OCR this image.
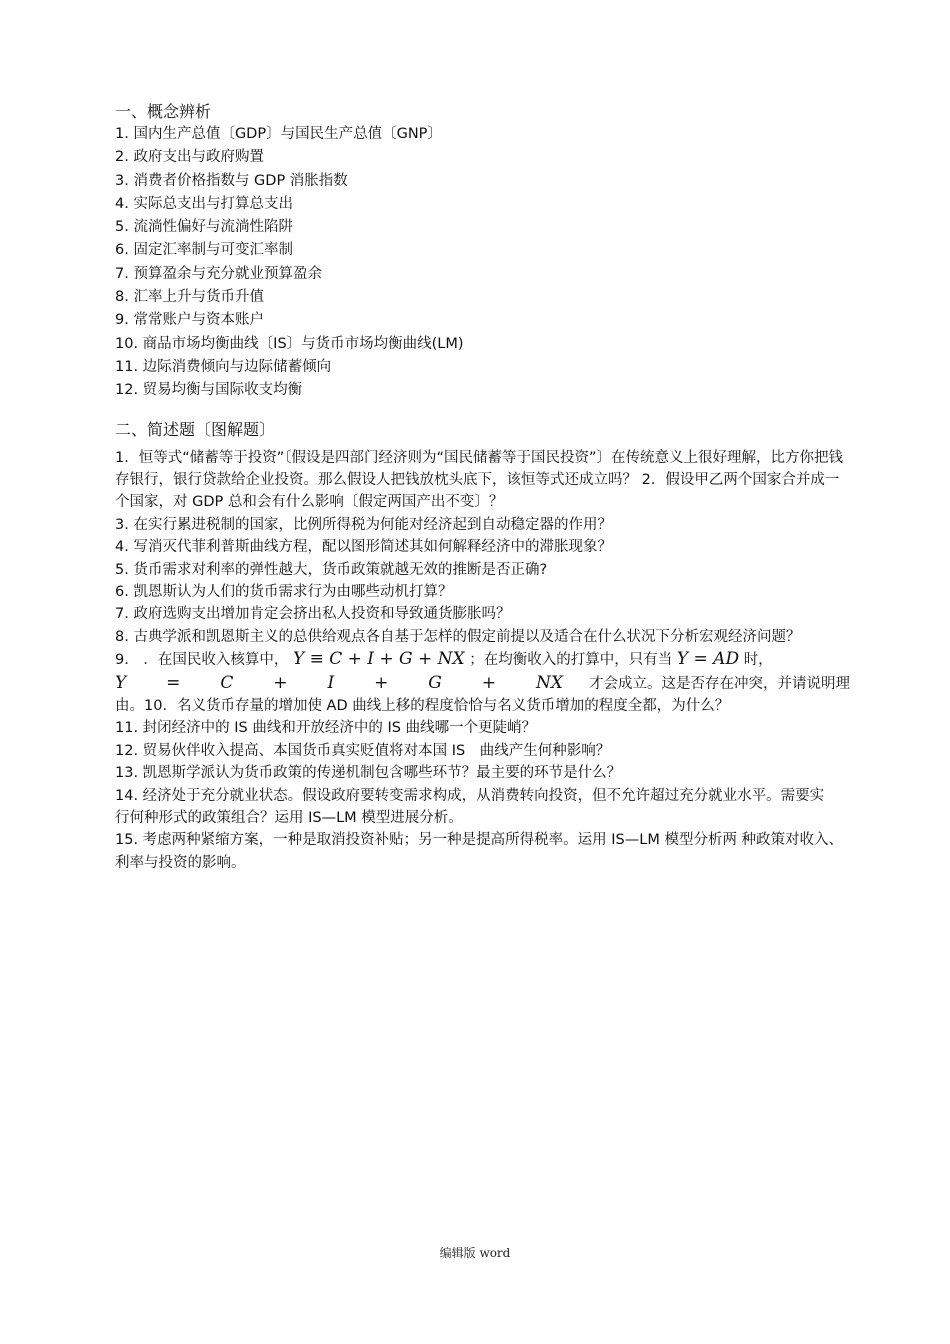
一、概念辨析
1. 国内生产总值〔GDP〕与国民生产总值〔GNP〕
2. 政府支出与政府购置
3. 消费者价格指数与 GDP 消胀指数
4. 实际总支出与打算总支出
5. 流淌性偏好与流淌性陷阱
6. 固定汇率制与可变汇率制
7. 预算盈余与充分就业预算盈余
8. 汇率上升与货币升值
9. 常常账户与资本账户
10. 商品市场均衡曲线〔IS〕与货币市场均衡曲线(LM)
11. 边际消费倾向与边际储蓄倾向
12. 贸易均衡与国际收支均衡
二、简述题〔图解题〕

1．恒等式“储蓄等于投资”〔假设是四部门经济则为“国民储蓄等于国民投资”〕在传统意义上很好理解，比方你把钱存银行，银行贷款给企业投资。那么假设人把钱放枕头底下，该恒等式还成立吗？ 2．假设甲乙两个国家合并成一个国家，对 GDP 总和会有什么影响〔假定两国产出不变〕？

3. 在实行累进税制的国家，比例所得税为何能对经济起到自动稳定器的作用？

4. 写消灭代菲利普斯曲线方程，配以图形简述其如何解释经济中的滞胀现象？

5. 货币需求对利率的弹性越大，货币政策就越无效的推断是否正确?

6. 凯恩斯认为人们的货币需求行为由哪些动机打算？

7. 政府选购支出增加肯定会挤出私人投资和导致通货膨胀吗？

8. 古典学派和凯恩斯主义的总供给观点各自基于怎样的假定前提以及适合在什么状况下分析宏观经济问题？

9.　．在国民收入核算中， Y ≡ C + I + G + NX ；在均衡收入的打算中，只有当 Y = AD 时，

Y = C + I + G + NX 才会成立。这是否存在冲突，并请说明理

由。10．名义货币存量的增加使 AD 曲线上移的程度恰恰与名义货币增加的程度全都，为什么？

11. 封闭经济中的 IS 曲线和开放经济中的 IS 曲线哪一个更陡峭？

12. 贸易伙伴收入提高、本国货币真实贬值将对本国 IS　曲线产生何种影响？

13. 凯恩斯学派认为货币政策的传递机制包含哪些环节？最主要的环节是什么？

14. 经济处于充分就业状态。假设政府要转变需求构成，从消费转向投资，但不允许超过充分就业水平。需要实行何种形式的政策组合？运用 IS—LM 模型进展分析。

15. 考虑两种紧缩方案，一种是取消投资补贴；另一种是提高所得税率。运用 IS—LM 模型分析两 种政策对收入、利率与投资的影响。

编辑版 word
